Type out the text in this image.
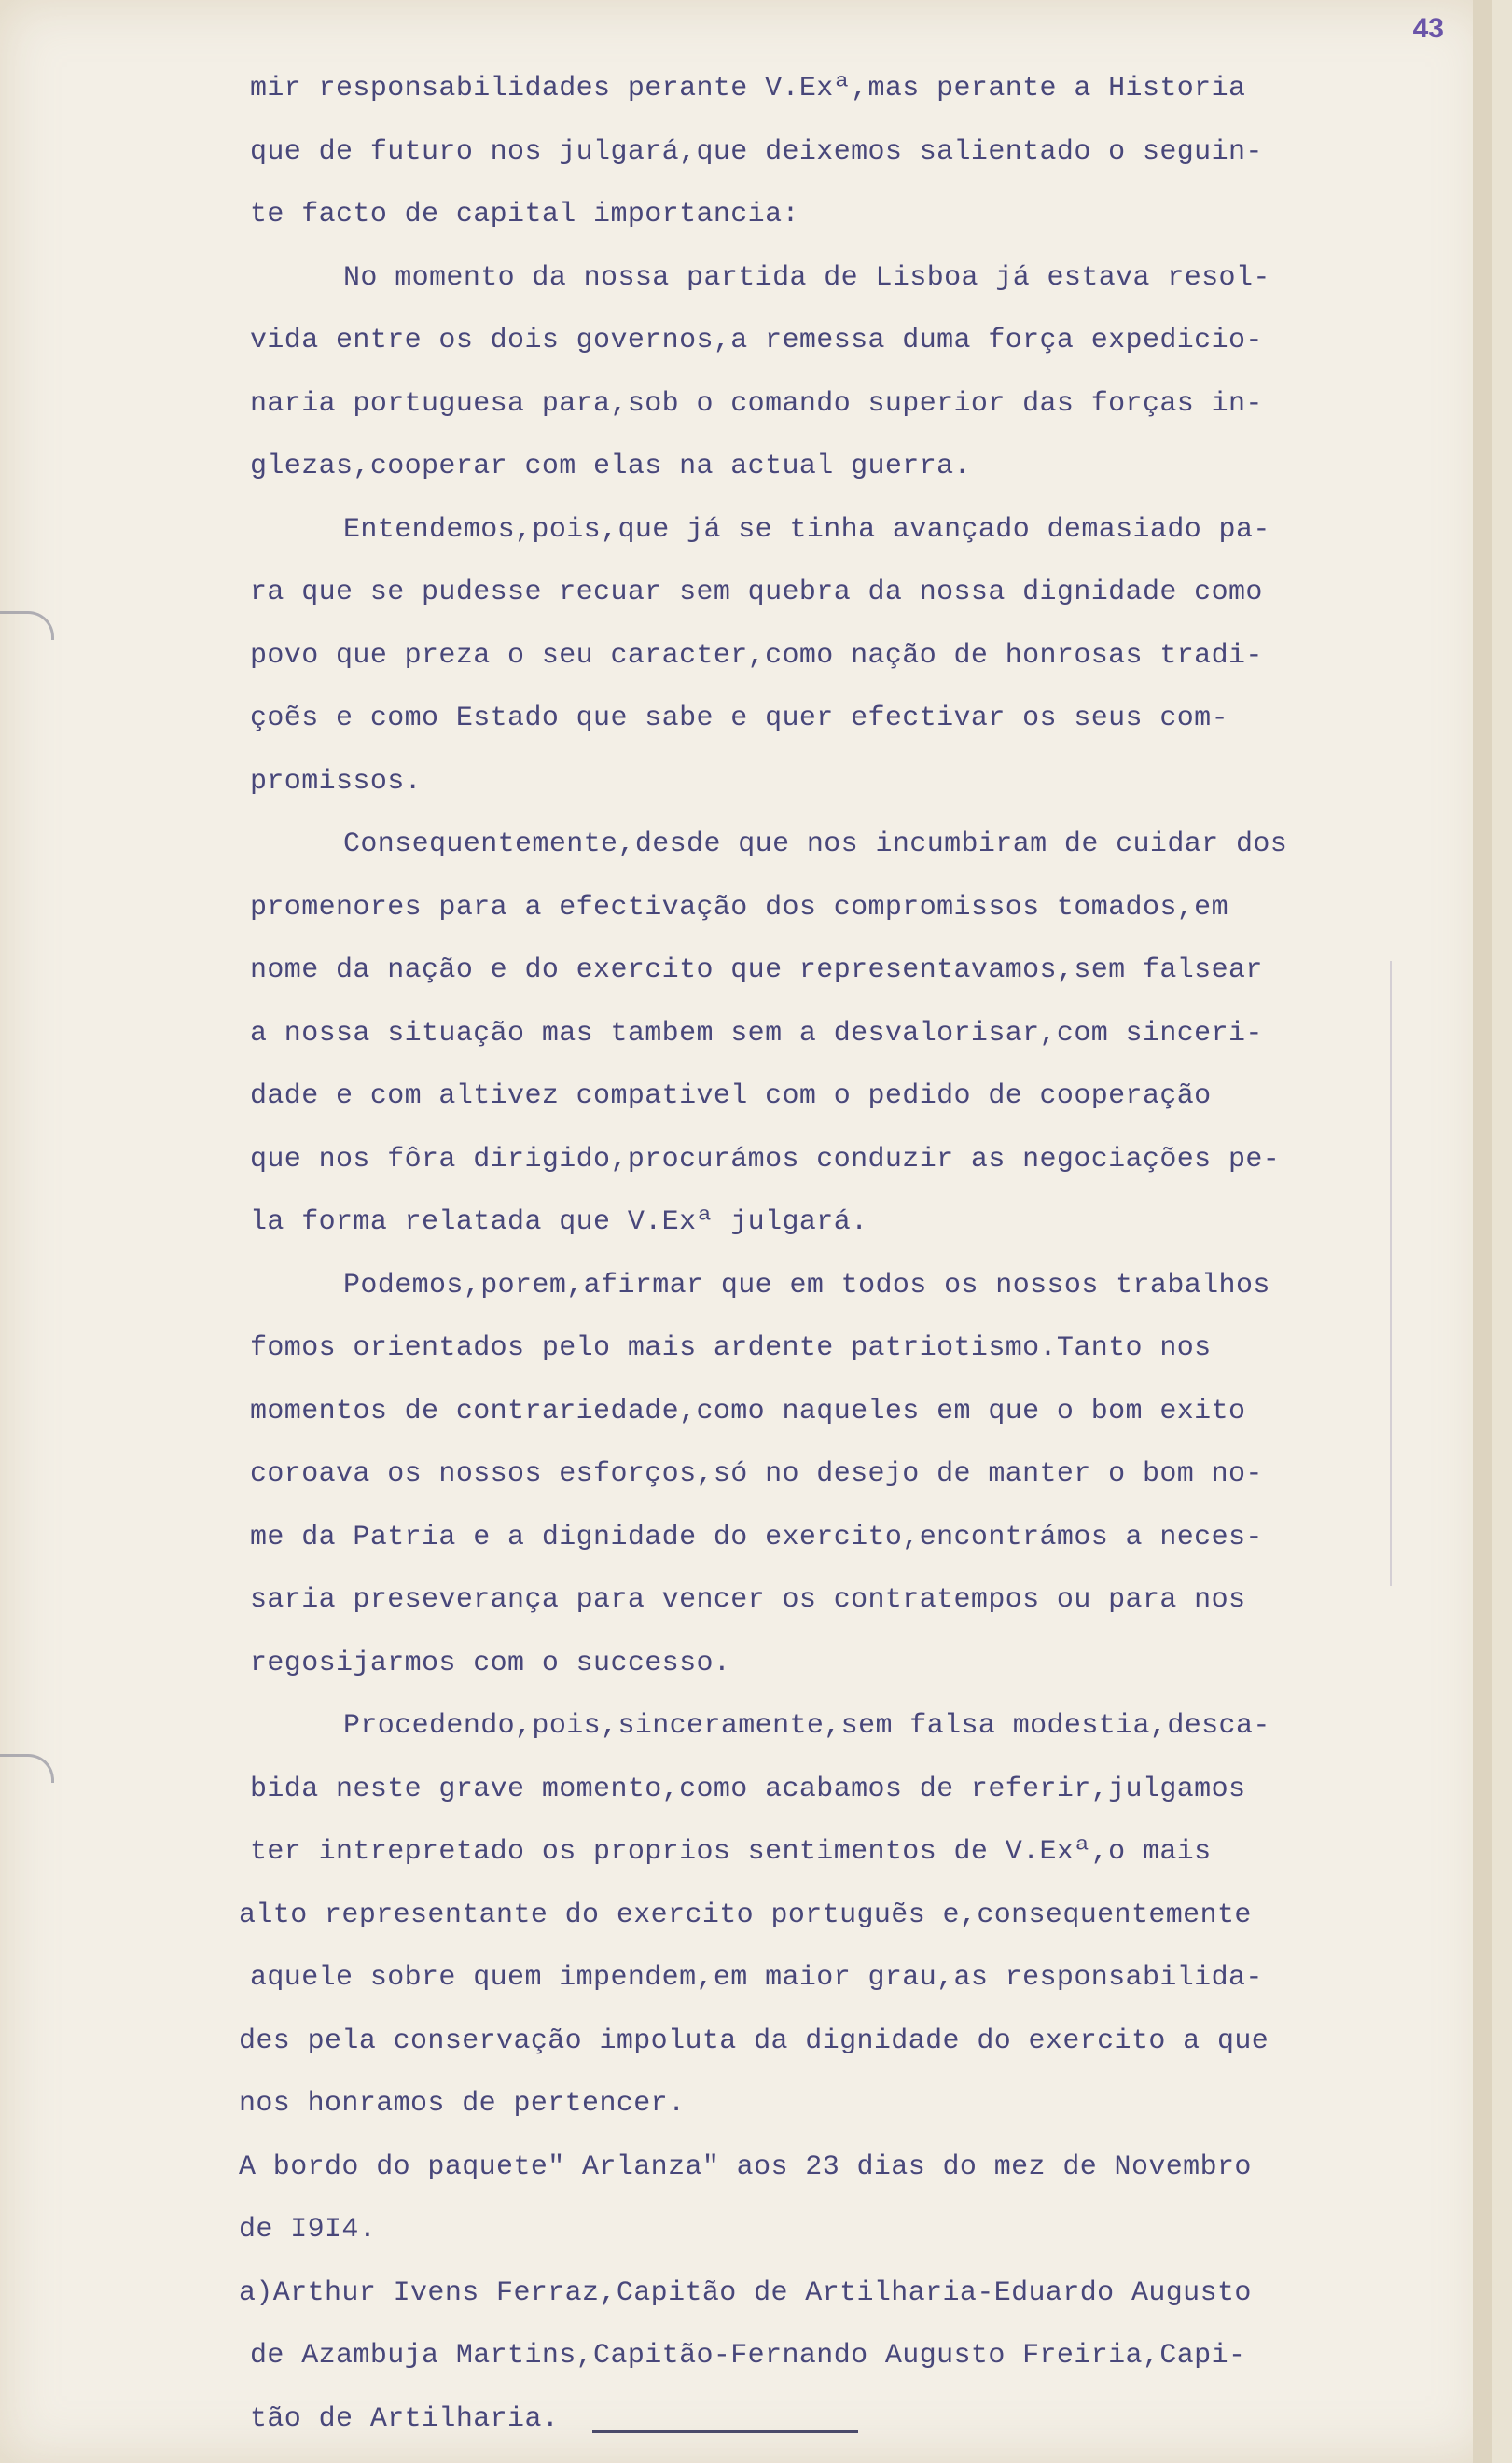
43

mir responsabilidades perante V.Exª,mas perante a Historia

que de futuro nos julgará,que deixemos salientado o seguin-

te facto de capital importancia:

No momento da nossa partida de Lisboa já estava resol-

vida entre os dois governos,a remessa duma força expedicio-

naria portuguesa para,sob o comando superior das forças in-

glezas,cooperar com elas na actual guerra.

Entendemos,pois,que já se tinha avançado demasiado pa-

ra que se pudesse recuar sem quebra da nossa dignidade como

povo que preza o seu caracter,como nação de honrosas tradi-

çoẽs e como Estado que sabe e quer efectivar os seus com-

promissos.

Consequentemente,desde que nos incumbiram de cuidar dos

promenores para a efectivação dos compromissos tomados,em

nome da nação e do exercito que representavamos,sem falsear

a nossa situação mas tambem sem a desvalorisar,com sinceri-

dade e com altivez compativel com o pedido de cooperação

que nos fôra dirigido,procurámos conduzir as negociações pe-

la forma relatada que V.Exª julgará.

Podemos,porem,afirmar que em todos os nossos trabalhos

fomos orientados pelo mais ardente patriotismo.Tanto nos

momentos de contrariedade,como naqueles em que o bom exito

coroava os nossos esforços,só no desejo de manter o bom no-

me da Patria e a dignidade do exercito,encontrámos a neces-

saria preseverança para vencer os contratempos ou para nos

regosijarmos com o successo.

Procedendo,pois,sinceramente,sem falsa modestia,desca-

bida neste grave momento,como acabamos de referir,julgamos

ter intrepretado os proprios sentimentos de V.Exª,o mais

alto representante do exercito portuguẽs e,consequentemente

aquele sobre quem impendem,em maior grau,as responsabilida-

des pela conservação impoluta da dignidade do exercito a que

nos honramos de pertencer.

A bordo do paquete" Arlanza" aos 23 dias do mez de Novembro

de I9I4.

a)Arthur Ivens Ferraz,Capitão de Artilharia-Eduardo Augusto

de Azambuja Martins,Capitão-Fernando Augusto Freiria,Capi-

tão de Artilharia.
